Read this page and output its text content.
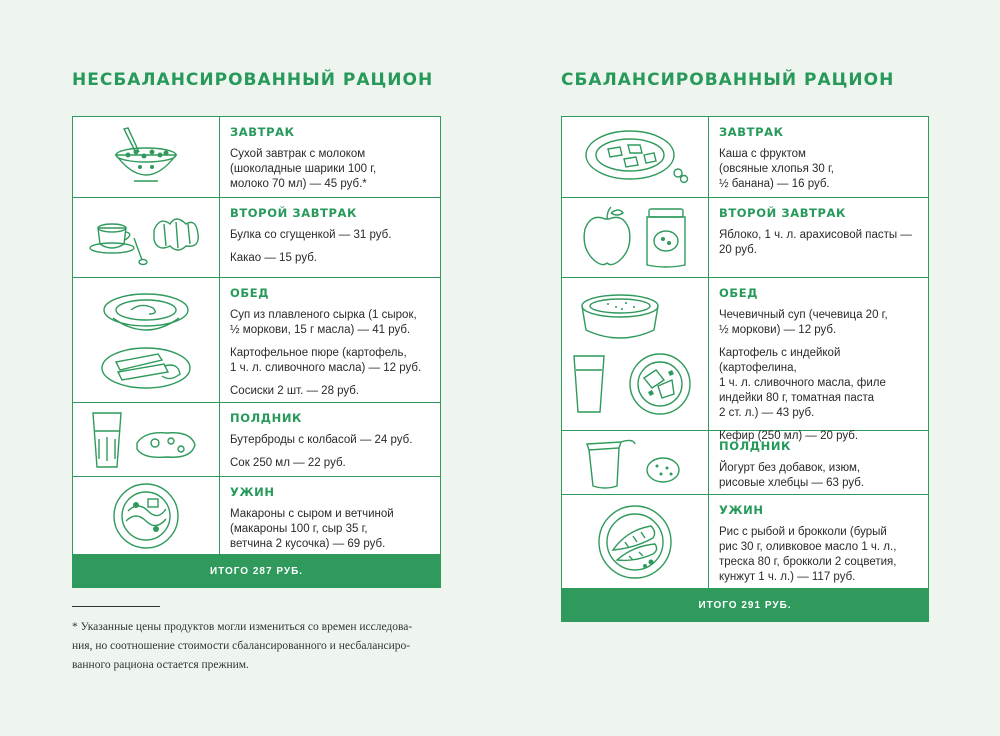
НЕСБАЛАНСИРОВАННЫЙ РАЦИОН
ЗАВТРАК
Сухой завтрак с молоком
(шоколадные шарики 100 г,
молоко 70 мл) — 45 руб.*
ВТОРОЙ ЗАВТРАК
Булка со сгущенкой — 31 руб.
Какао — 15 руб.
ОБЕД
Суп из плавленого сырка (1 сырок,
½ моркови, 15 г масла) — 41 руб.
Картофельное пюре (картофель,
1 ч. л. сливочного масла) — 12 руб.
Сосиски 2 шт. — 28 руб.
ПОЛДНИК
Бутерброды с колбасой — 24 руб.
Сок 250 мл — 22 руб.
УЖИН
Макароны с сыром и ветчиной
(макароны 100 г, сыр 35 г,
ветчина 2 кусочка) — 69 руб.
ИТОГО 287 РУБ.
СБАЛАНСИРОВАННЫЙ РАЦИОН
ЗАВТРАК
Каша с фруктом
(овсяные хлопья 30 г,
½ банана) — 16 руб.
ВТОРОЙ ЗАВТРАК
Яблоко, 1 ч. л. арахисовой пасты —
20 руб.
ОБЕД
Чечевичный суп (чечевица 20 г,
½ моркови) — 12 руб.
Картофель с индейкой (картофелина,
1 ч. л. сливочного масла, филе
индейки 80 г, томатная паста
2 ст. л.) — 43 руб.
Кефир (250 мл) — 20 руб.
ПОЛДНИК
Йогурт без добавок, изюм,
рисовые хлебцы — 63 руб.
УЖИН
Рис с рыбой и брокколи (бурый
рис 30 г, оливковое масло 1 ч. л.,
треска 80 г, брокколи 2 соцветия,
кунжут 1 ч. л.) — 117 руб.
ИТОГО 291 РУБ.
* Указанные цены продуктов могли измениться со времен исследова-
ния, но соотношение стоимости сбалансированного и несбалансиро-
ванного рациона остается прежним.
